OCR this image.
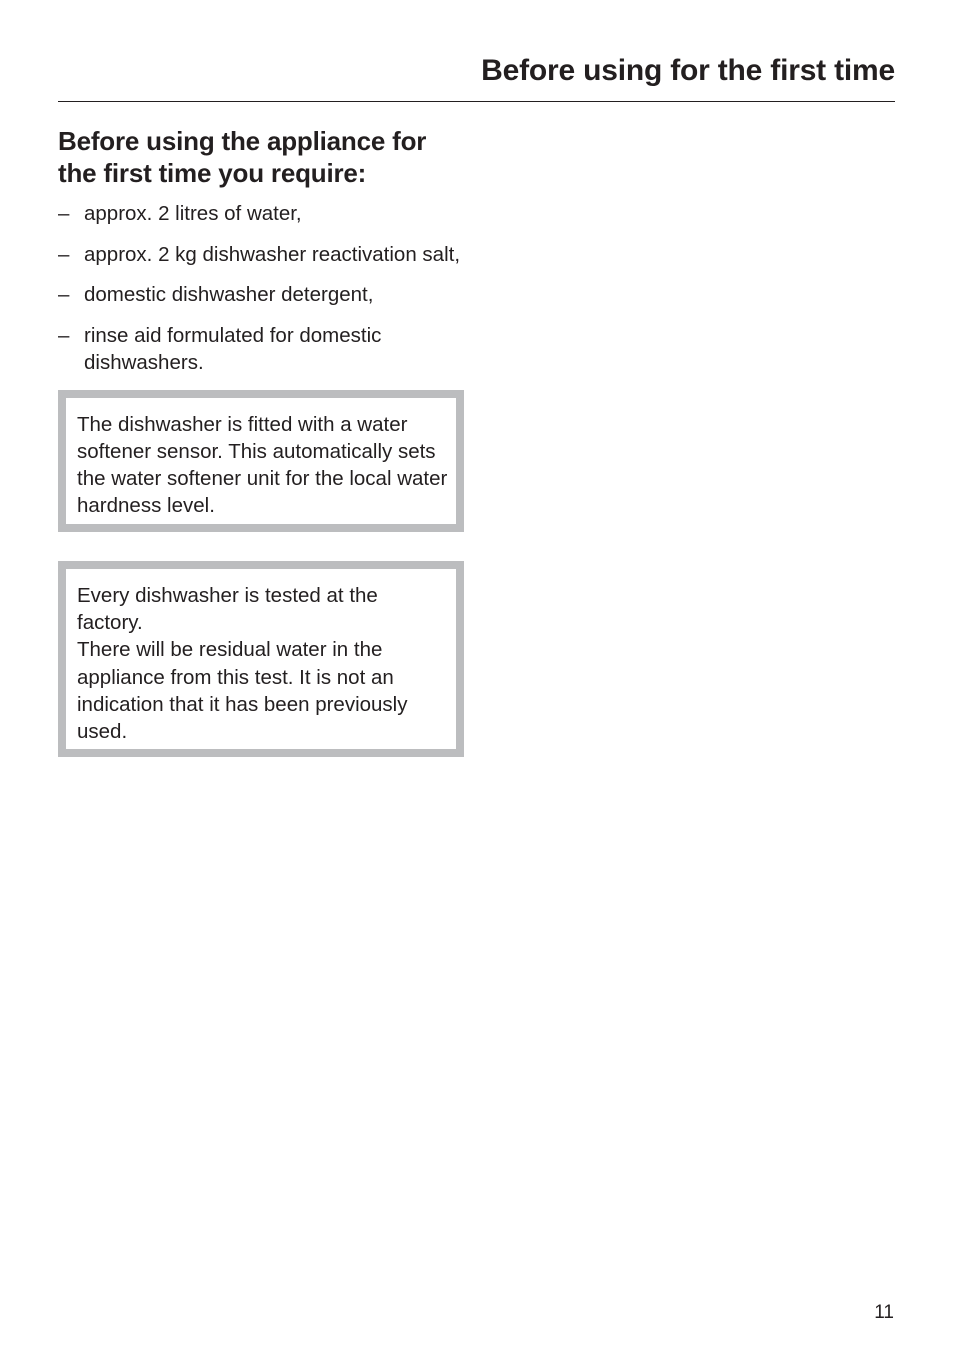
Before using for the first time
Before using the appliance for the first time you require:
– approx. 2 litres of water,
– approx. 2 kg dishwasher reactivation salt,
– domestic dishwasher detergent,
– rinse aid formulated for domestic dishwashers.

The dishwasher is fitted with a water softener sensor. This automatically sets the water softener unit for the local water hardness level.

Every dishwasher is tested at the factory.

There will be residual water in the appliance from this test. It is not an indication that it has been previously used.

11
